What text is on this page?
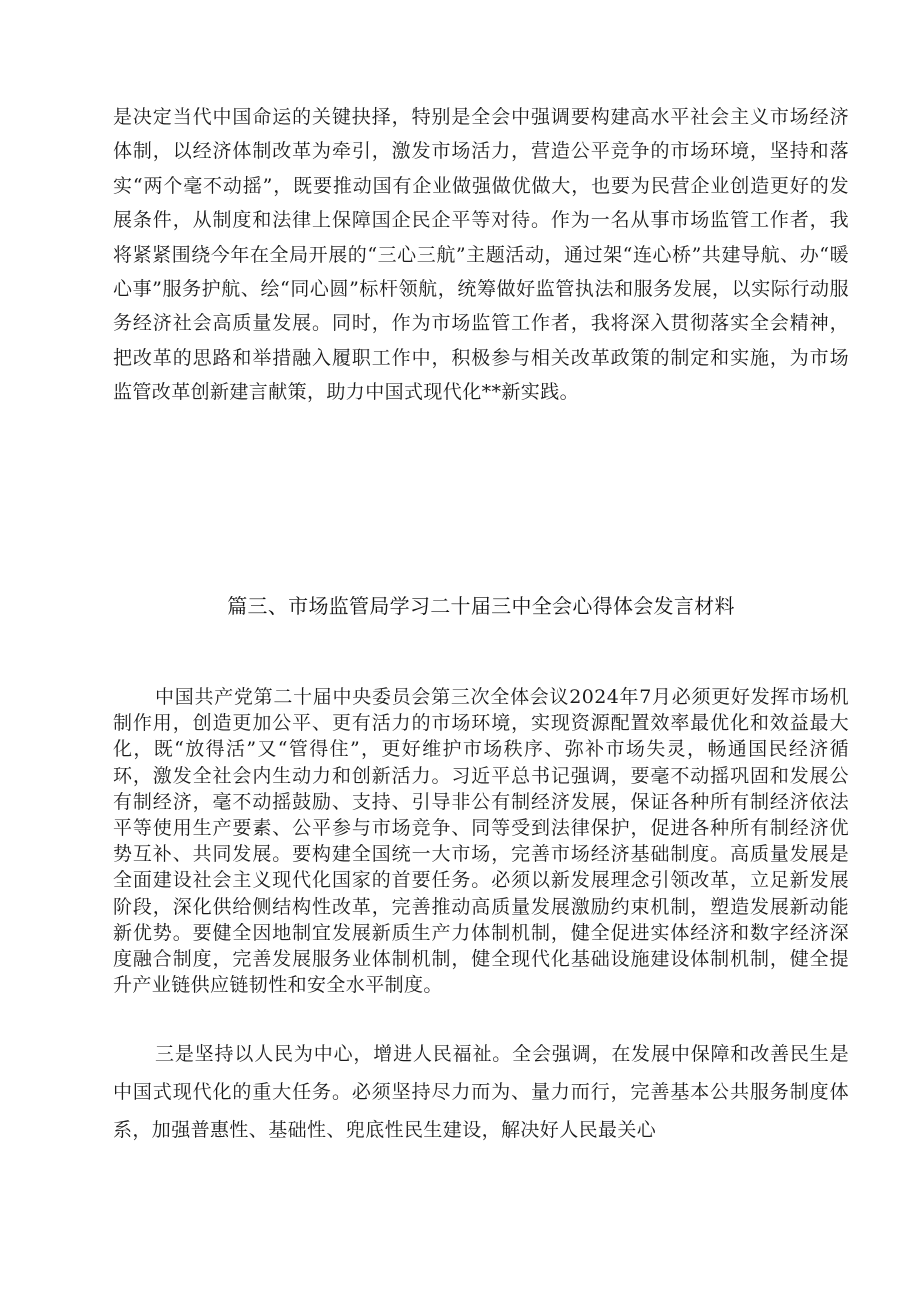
是决定当代中国命运的关键抉择，特别是全会中强调要构建高水平社会主义市场经济体制，以经济体制改革为牵引，激发市场活力，营造公平竞争的市场环境，坚持和落实“两个毫不动摇”，既要推动国有企业做强做优做大，也要为民营企业创造更好的发展条件，从制度和法律上保障国企民企平等对待。作为一名从事市场监管工作者，我将紧紧围绕今年在全局开展的“三心三航”主题活动，通过架“连心桥”共建导航、办“暖心事”服务护航、绘“同心圆”标杆领航，统筹做好监管执法和服务发展，以实际行动服务经济社会高质量发展。同时，作为市场监管工作者，我将深入贯彻落实全会精神，把改革的思路和举措融入履职工作中，积极参与相关改革政策的制定和实施，为市场监管改革创新建言献策，助力中国式现代化**新实践。

篇三、市场监管局学习二十届三中全会心得体会发言材料

中国共产党第二十届中央委员会第三次全体会议2024年7月必须更好发挥市场机制作用，创造更加公平、更有活力的市场环境，实现资源配置效率最优化和效益最大化，既“放得活”又“管得住”，更好维护市场秩序、弥补市场失灵，畅通国民经济循环，激发全社会内生动力和创新活力。习近平总书记强调，要毫不动摇巩固和发展公有制经济，毫不动摇鼓励、支持、引导非公有制经济发展，保证各种所有制经济依法平等使用生产要素、公平参与市场竞争、同等受到法律保护，促进各种所有制经济优势互补、共同发展。要构建全国统一大市场，完善市场经济基础制度。高质量发展是全面建设社会主义现代化国家的首要任务。必须以新发展理念引领改革，立足新发展阶段，深化供给侧结构性改革，完善推动高质量发展激励约束机制，塑造发展新动能新优势。要健全因地制宜发展新质生产力体制机制，健全促进实体经济和数字经济深度融合制度，完善发展服务业体制机制，健全现代化基础设施建设体制机制，健全提升产业链供应链韧性和安全水平制度。

三是坚持以人民为中心，增进人民福祉。全会强调，在发展中保障和改善民生是中国式现代化的重大任务。必须坚持尽力而为、量力而行，完善基本公共服务制度体系，加强普惠性、基础性、兜底性民生建设，解决好人民最关心
